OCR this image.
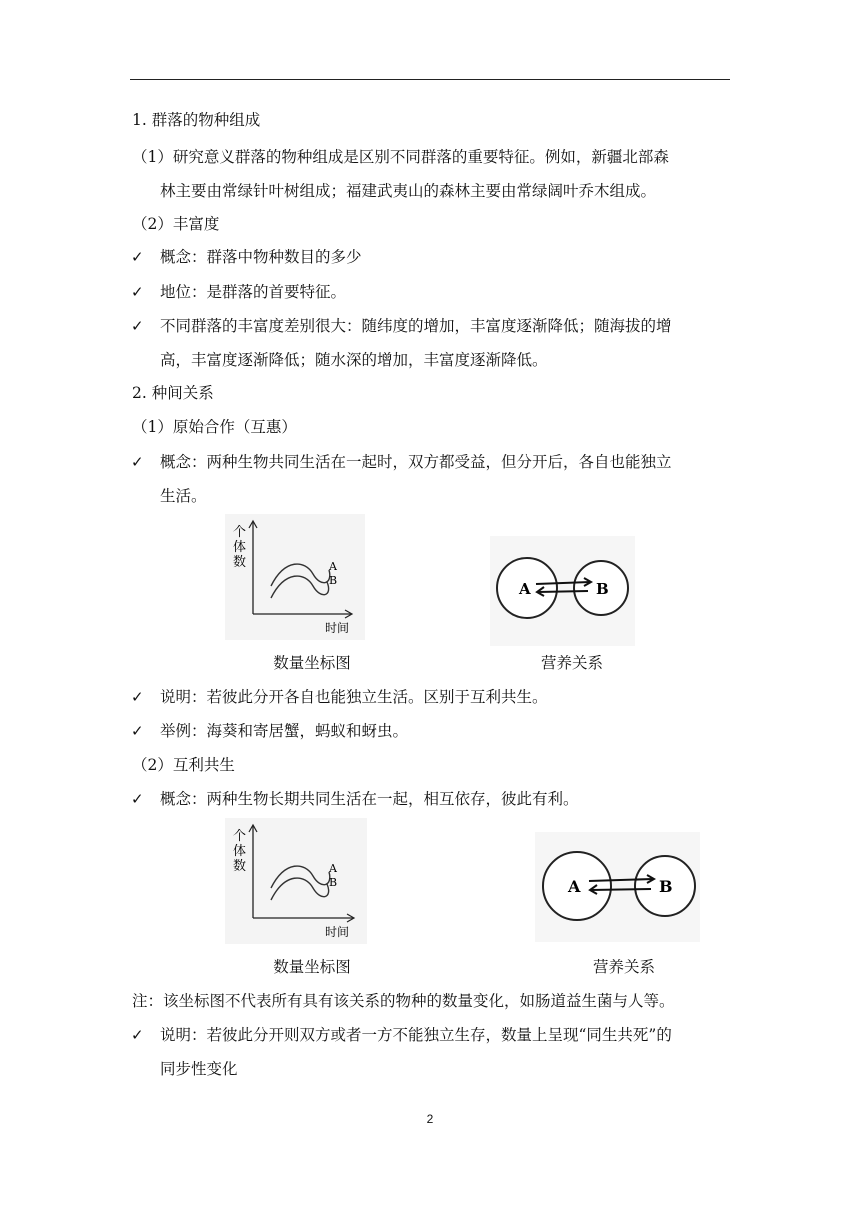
1. 群落的物种组成
（1）研究意义群落的物种组成是区别不同群落的重要特征。例如，新疆北部森
林主要由常绿针叶树组成；福建武夷山的森林主要由常绿阔叶乔木组成。
（2）丰富度
✓ 概念：群落中物种数目的多少
✓ 地位：是群落的首要特征。
✓ 不同群落的丰富度差别很大：随纬度的增加，丰富度逐渐降低；随海拔的增
高，丰富度逐渐降低；随水深的增加，丰富度逐渐降低。
2. 种间关系
（1）原始合作（互惠）
✓ 概念：两种生物共同生活在一起时，双方都受益，但分开后，各自也能独立
生活。
个
体
数	A
B
时间
A	B
数量坐标图	营养关系
✓ 说明：若彼此分开各自也能独立生活。区别于互利共生。
✓ 举例：海葵和寄居蟹，蚂蚁和蚜虫。
（2）互利共生
✓ 概念：两种生物长期共同生活在一起，相互依存，彼此有利。
个
体
数	A
B
时间
A	B
数量坐标图	营养关系
注：该坐标图不代表所有具有该关系的物种的数量变化，如肠道益生菌与人等。
✓ 说明：若彼此分开则双方或者一方不能独立生存，数量上呈现“同生共死”的
同步性变化
2
